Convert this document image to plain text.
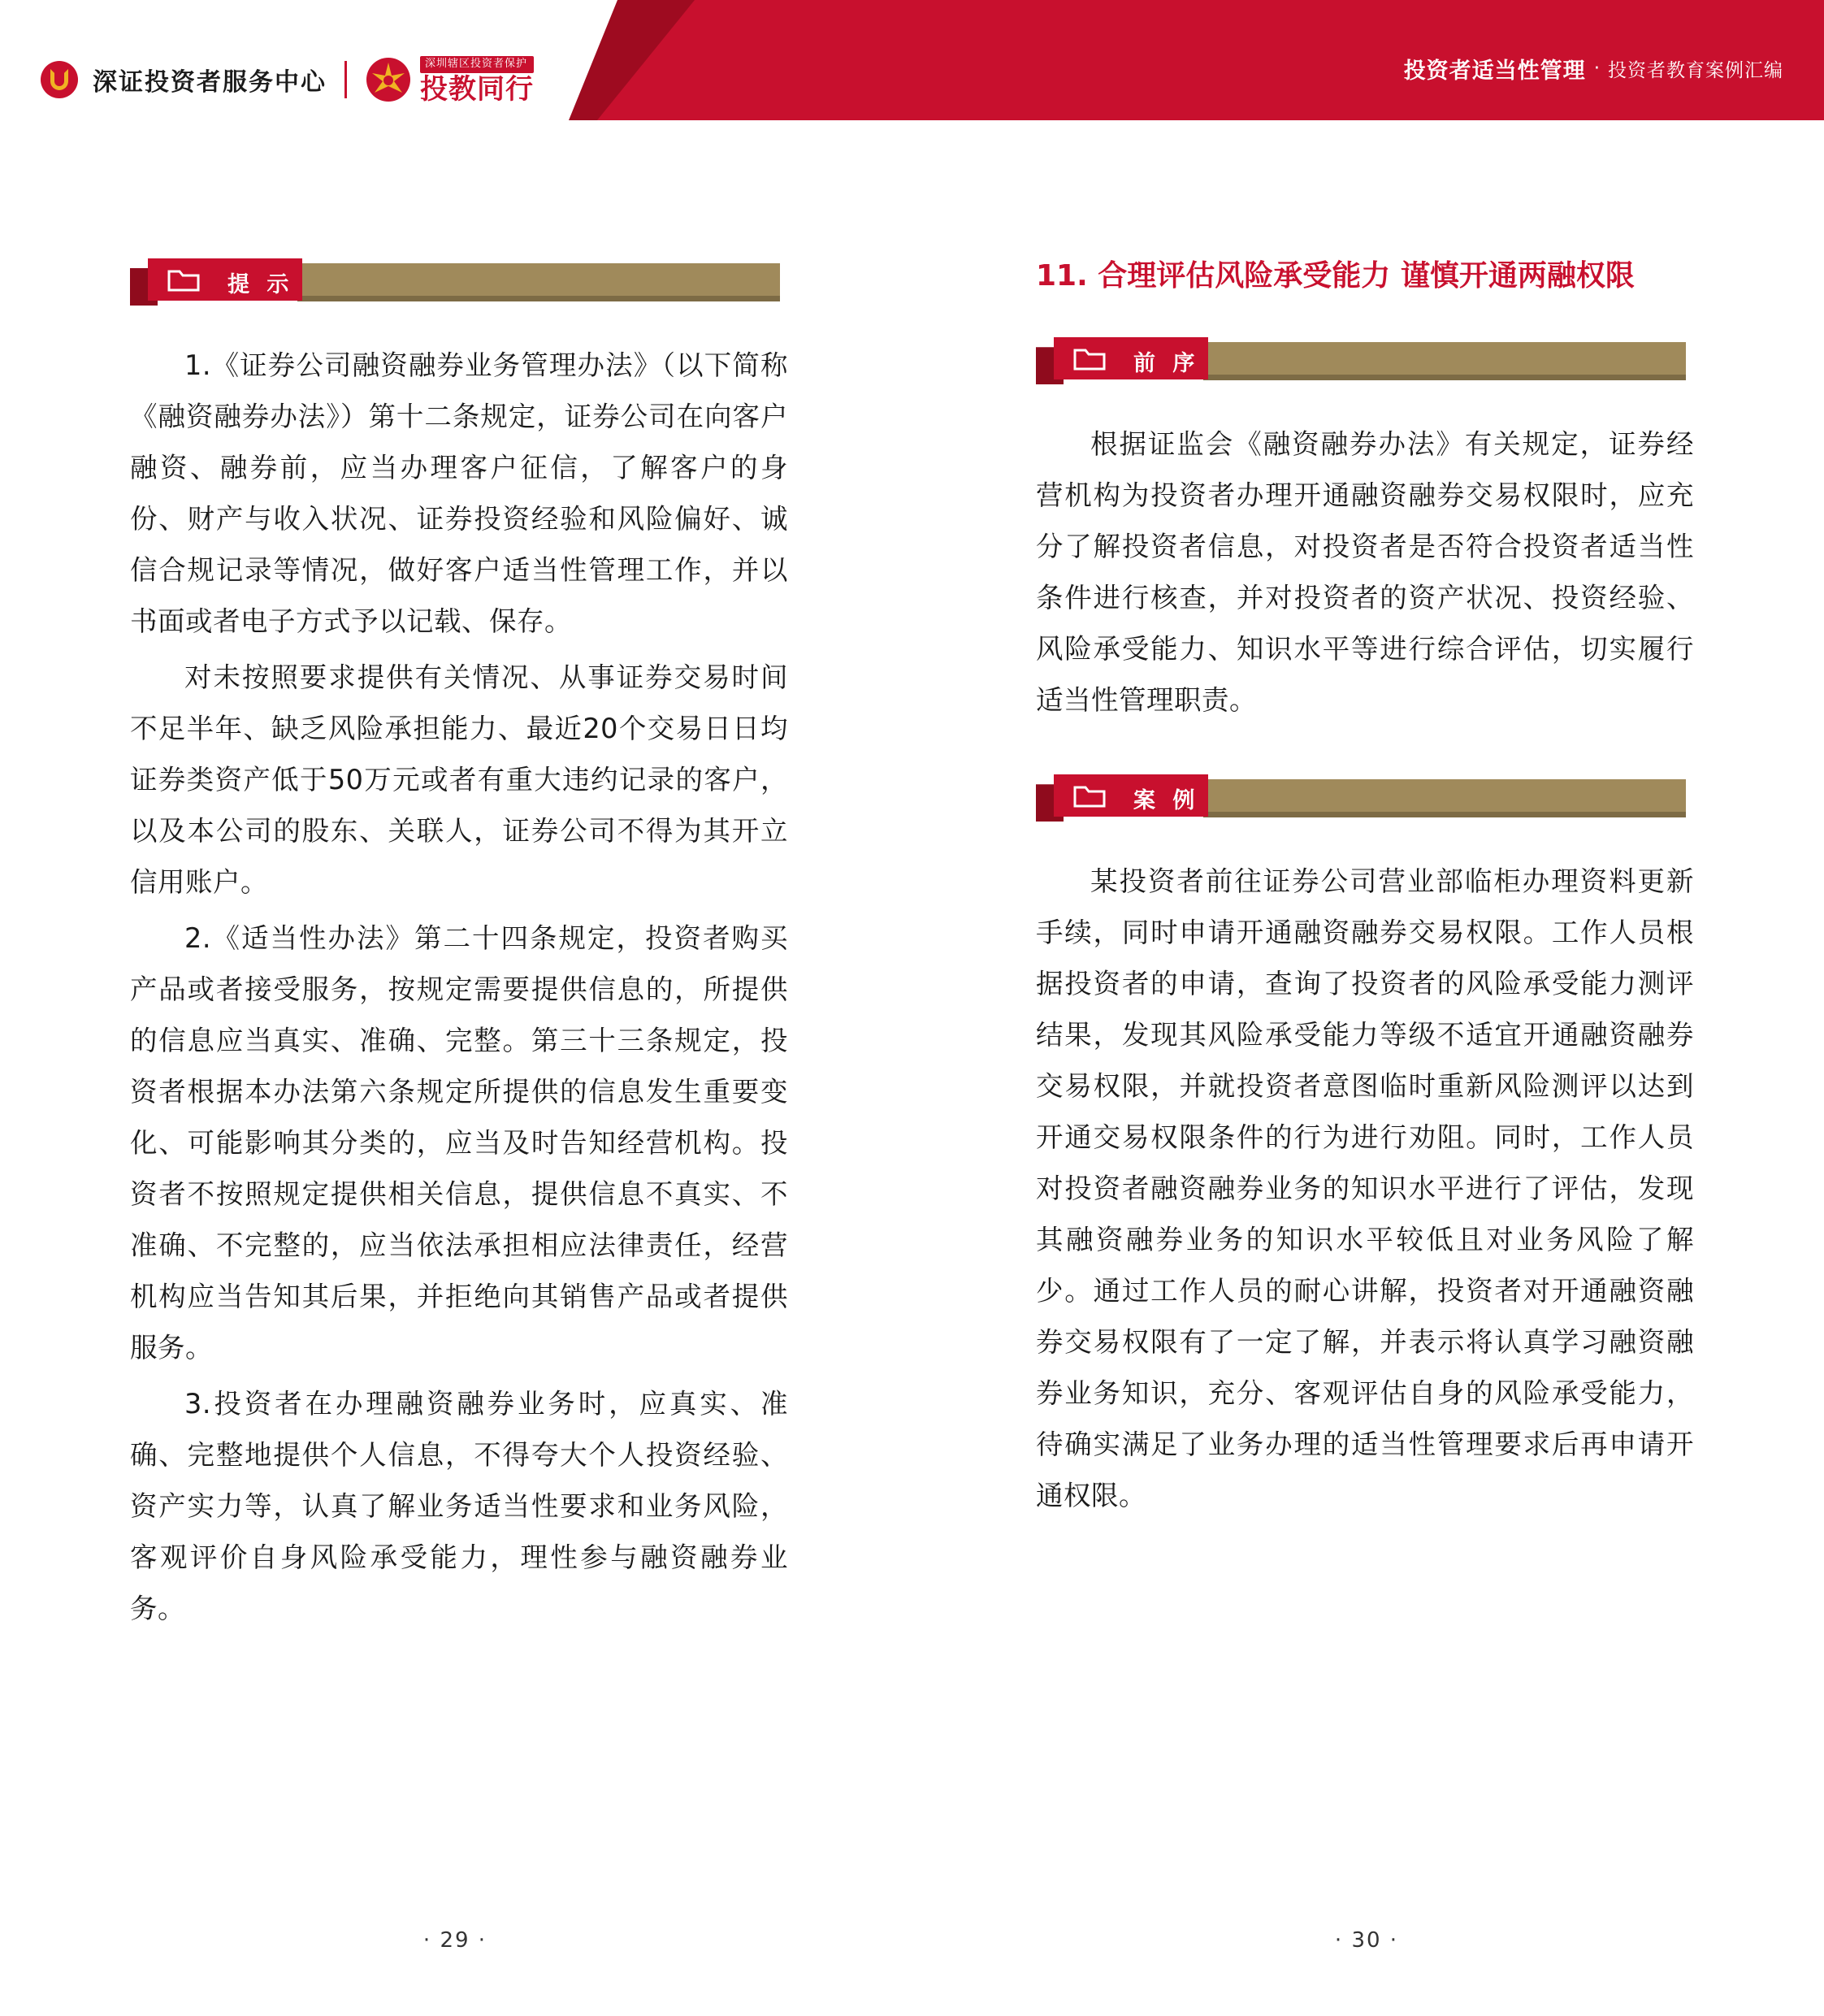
深证投资者服务中心
深圳辖区投资者保护
投教同行
投资者适当性管理 · 投资者教育案例汇编
提 示

1.《证券公司融资融券业务管理办法》（以下简称《融资融券办法》）第十二条规定，证券公司在向客户融资、融券前，应当办理客户征信，了解客户的身份、财产与收入状况、证券投资经验和风险偏好、诚信合规记录等情况，做好客户适当性管理工作，并以书面或者电子方式予以记载、保存。

对未按照要求提供有关情况、从事证券交易时间不足半年、缺乏风险承担能力、最近20个交易日日均证券类资产低于50万元或者有重大违约记录的客户，以及本公司的股东、关联人，证券公司不得为其开立信用账户。

2.《适当性办法》第二十四条规定，投资者购买产品或者接受服务，按规定需要提供信息的，所提供的信息应当真实、准确、完整。第三十三条规定，投资者根据本办法第六条规定所提供的信息发生重要变化、可能影响其分类的，应当及时告知经营机构。投资者不按照规定提供相关信息，提供信息不真实、不准确、不完整的，应当依法承担相应法律责任，经营机构应当告知其后果，并拒绝向其销售产品或者提供服务。

3.投资者在办理融资融券业务时，应真实、准确、完整地提供个人信息，不得夸大个人投资经验、资产实力等，认真了解业务适当性要求和业务风险，客观评价自身风险承受能力，理性参与融资融券业务。

11. 合理评估风险承受能力 谨慎开通两融权限
前 序

根据证监会《融资融券办法》有关规定，证券经营机构为投资者办理开通融资融券交易权限时，应充分了解投资者信息，对投资者是否符合投资者适当性条件进行核查，并对投资者的资产状况、投资经验、风险承受能力、知识水平等进行综合评估，切实履行适当性管理职责。

案 例

某投资者前往证券公司营业部临柜办理资料更新手续，同时申请开通融资融券交易权限。工作人员根据投资者的申请，查询了投资者的风险承受能力测评结果，发现其风险承受能力等级不适宜开通融资融券交易权限，并就投资者意图临时重新风险测评以达到开通交易权限条件的行为进行劝阻。同时，工作人员对投资者融资融券业务的知识水平进行了评估，发现其融资融券业务的知识水平较低且对业务风险了解少。通过工作人员的耐心讲解，投资者对开通融资融券交易权限有了一定了解，并表示将认真学习融资融券业务知识，充分、客观评估自身的风险承受能力，待确实满足了业务办理的适当性管理要求后再申请开通权限。

· 29 ·	· 30 ·
